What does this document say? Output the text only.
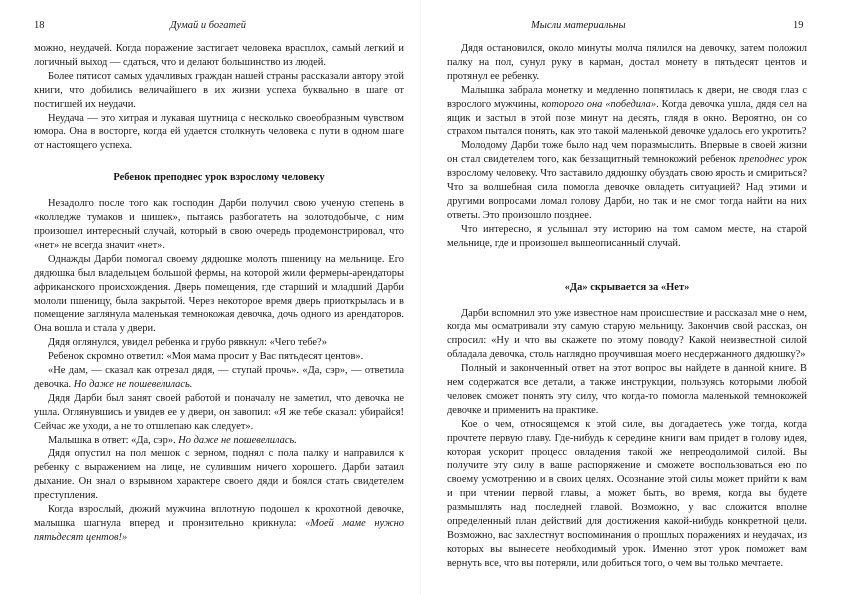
18	Думай и богатей

можно, неудачей. Когда поражение застигает человека врасплох, самый легкий и логичный выход — сдаться, что и делают большинство из людей.

Более пятисот самых удачливых граждан нашей страны рассказали автору этой книги, что добились величайшего в их жизни успеха буквально в шаге от постигшей их неудачи.

Неудача — это хитрая и лукавая шутница с несколько своеобразным чувством юмора. Она в восторге, когда ей удается столкнуть человека с пути в одном шаге от настоящего успеха.

Ребенок преподнес урок взрослому человеку

Незадолго после того как господин Дарби получил свою ученую степень в «колледже тумаков и шишек», пытаясь разбогатеть на золотодобыче, с ним произошел интересный случай, который в свою очередь продемонстрировал, что «нет» не всегда значит «нет».

Однажды Дарби помогал своему дядюшке молоть пшеницу на мельнице. Его дядюшка был владельцем большой фермы, на которой жили фермеры-арендаторы африканского происхождения. Дверь помещения, где старший и младший Дарби мололи пшеницу, была закрытой. Через некоторое время дверь приоткрылась и в помещение заглянула маленькая темнокожая девочка, дочь одного из арендаторов. Она вошла и стала у двери.

Дядя оглянулся, увидел ребенка и грубо рявкнул: «Чего тебе?»

Ребенок скромно ответил: «Моя мама просит у Вас пятьдесят центов».

«Не дам, — сказал как отрезал дядя, — ступай прочь». «Да, сэр», — ответила девочка. Но даже не пошевелилась.

Дядя Дарби был занят своей работой и поначалу не заметил, что девочка не ушла. Оглянувшись и увидев ее у двери, он завопил: «Я же тебе сказал: убирайся! Сейчас же уходи, а не то отшлепаю как следует».

Малышка в ответ: «Да, сэр». Но даже не пошевелилась.

Дядя опустил на пол мешок с зерном, поднял с пола палку и направился к ребенку с выражением на лице, не сулившим ничего хорошего. Дарби затаил дыхание. Он знал о взрывном характере своего дяди и боялся стать свидетелем преступления.

Когда взрослый, дюжий мужчина вплотную подошел к крохотной девочке, малышка шагнула вперед и пронзительно крикнула: «Моей маме нужно пятьдесят центов!»

Мысли материальны	19

Дядя остановился, около минуты молча пялился на девочку, затем положил палку на пол, сунул руку в карман, достал монету в пятьдесят центов и протянул ее ребенку.

Малышка забрала монетку и медленно попятилась к двери, не сводя глаз с взрослого мужчины, которого она «победила». Когда девочка ушла, дядя сел на ящик и застыл в этой позе минут на десять, глядя в окно. Вероятно, он со страхом пытался понять, как это такой маленькой девочке удалось его укротить?

Молодому Дарби тоже было над чем поразмыслить. Впервые в своей жизни он стал свидетелем того, как беззащитный темнокожий ребенок преподнес урок взрослому человеку. Что заставило дядюшку обуздать свою ярость и смириться? Что за волшебная сила помогла девочке овладеть ситуацией? Над этими и другими вопросами ломал голову Дарби, но так и не смог тогда найти на них ответы. Это произошло позднее.

Что интересно, я услышал эту историю на том самом месте, на старой мельнице, где и произошел вышеописанный случай.

«Да» скрывается за «Нет»

Дарби вспомнил это уже известное нам происшествие и рассказал мне о нем, когда мы осматривали эту самую старую мельницу. Закончив свой рассказ, он спросил: «Ну и что вы скажете по этому поводу? Какой неизвестной силой обладала девочка, столь наглядно проучившая моего несдержанного дядюшку?»

Полный и законченный ответ на этот вопрос вы найдете в данной книге. В нем содержатся все детали, а также инструкции, пользуясь которыми любой человек сможет понять эту силу, что когда-то помогла маленькой темнокожей девочке и применить на практике.

Кое о чем, относящемся к этой силе, вы догадаетесь уже тогда, когда прочтете первую главу. Где-нибудь к середине книги вам придет в голову идея, которая ускорит процесс овладения такой же непреодолимой силой. Вы получите эту силу в ваше распоряжение и сможете воспользоваться ею по своему усмотрению и в своих целях. Осознание этой силы может прийти к вам и при чтении первой главы, а может быть, во время, когда вы будете размышлять над последней главой. Возможно, у вас сложится вполне определенный план действий для достижения какой-нибудь конкретной цели. Возможно, вас захлестнут воспоминания о прошлых поражениях и неудачах, из которых вы вынесете необходимый урок. Именно этот урок поможет вам вернуть все, что вы потеряли, или добиться того, о чем вы только мечтаете.
